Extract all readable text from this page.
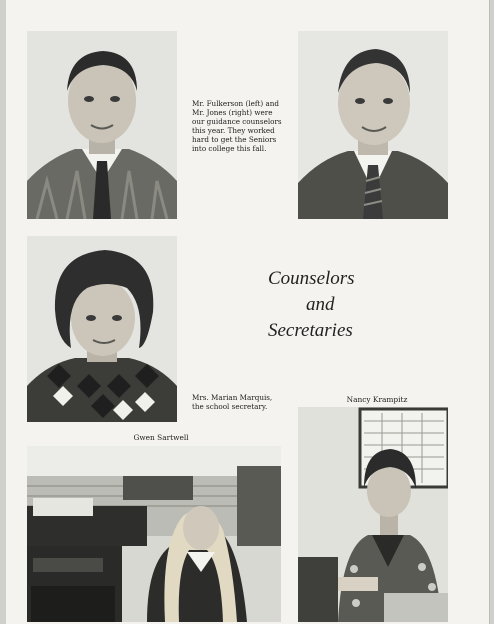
Mr. Fulkerson (left) and Mr. Jones (right) were our guidance counselors this year. They worked hard to get the Seniors into college this fall.
Counselors
and
Secretaries
Mrs. Marian Marquis, the school secretary.
Nancy Krampitz
Gwen Sartwell
